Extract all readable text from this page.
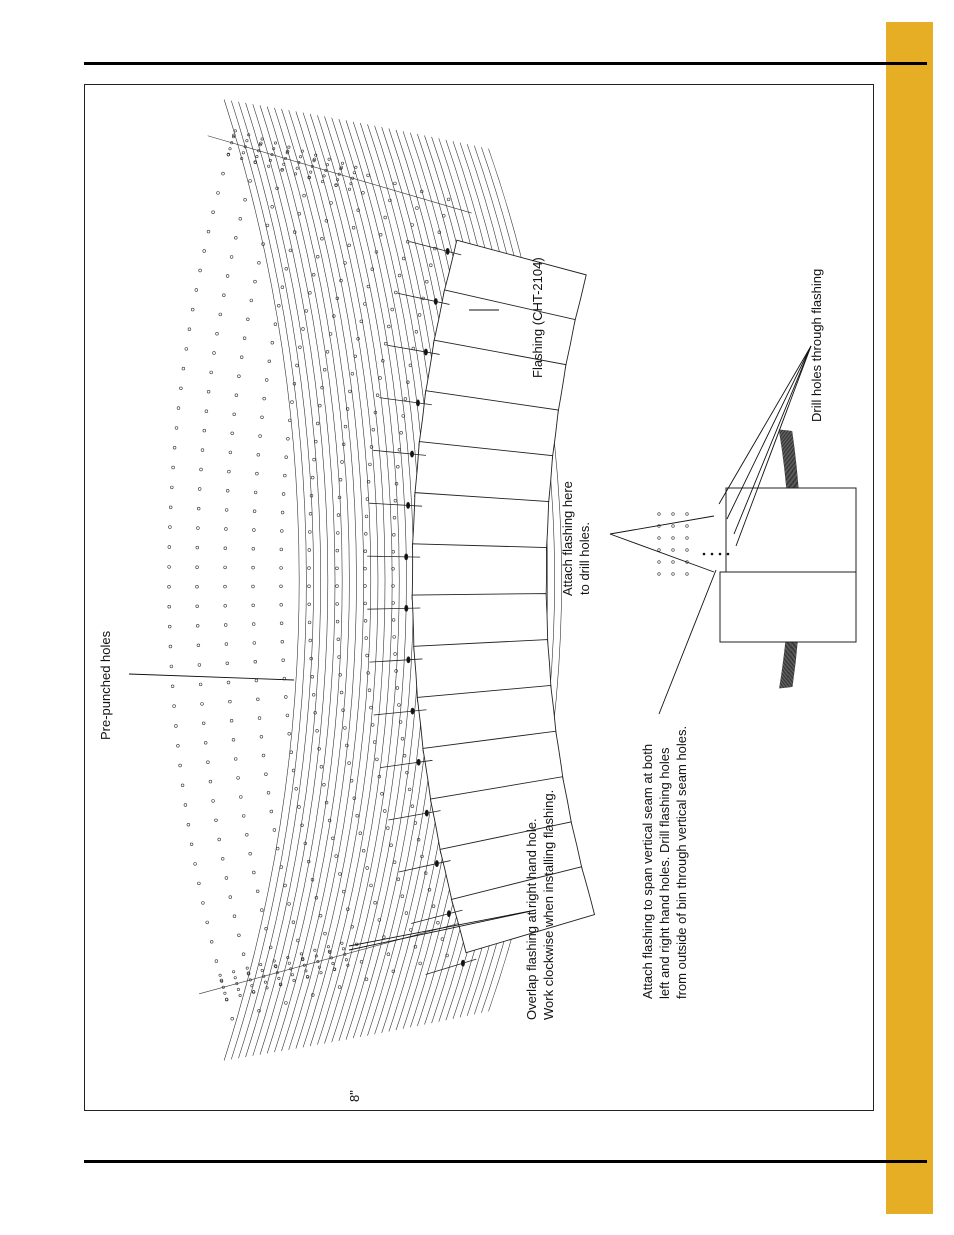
Flashing (CHT-2104)	Drill holes through flashing
Attach flashing here to drill holes.
Pre-punched holes
Attach flashing to span vertical seam at both left and right hand holes. Drill flashing holes from outside of bin through vertical seam holes.
Overlap flashing at right hand hole. Work clockwise when installing flashing.
8"
